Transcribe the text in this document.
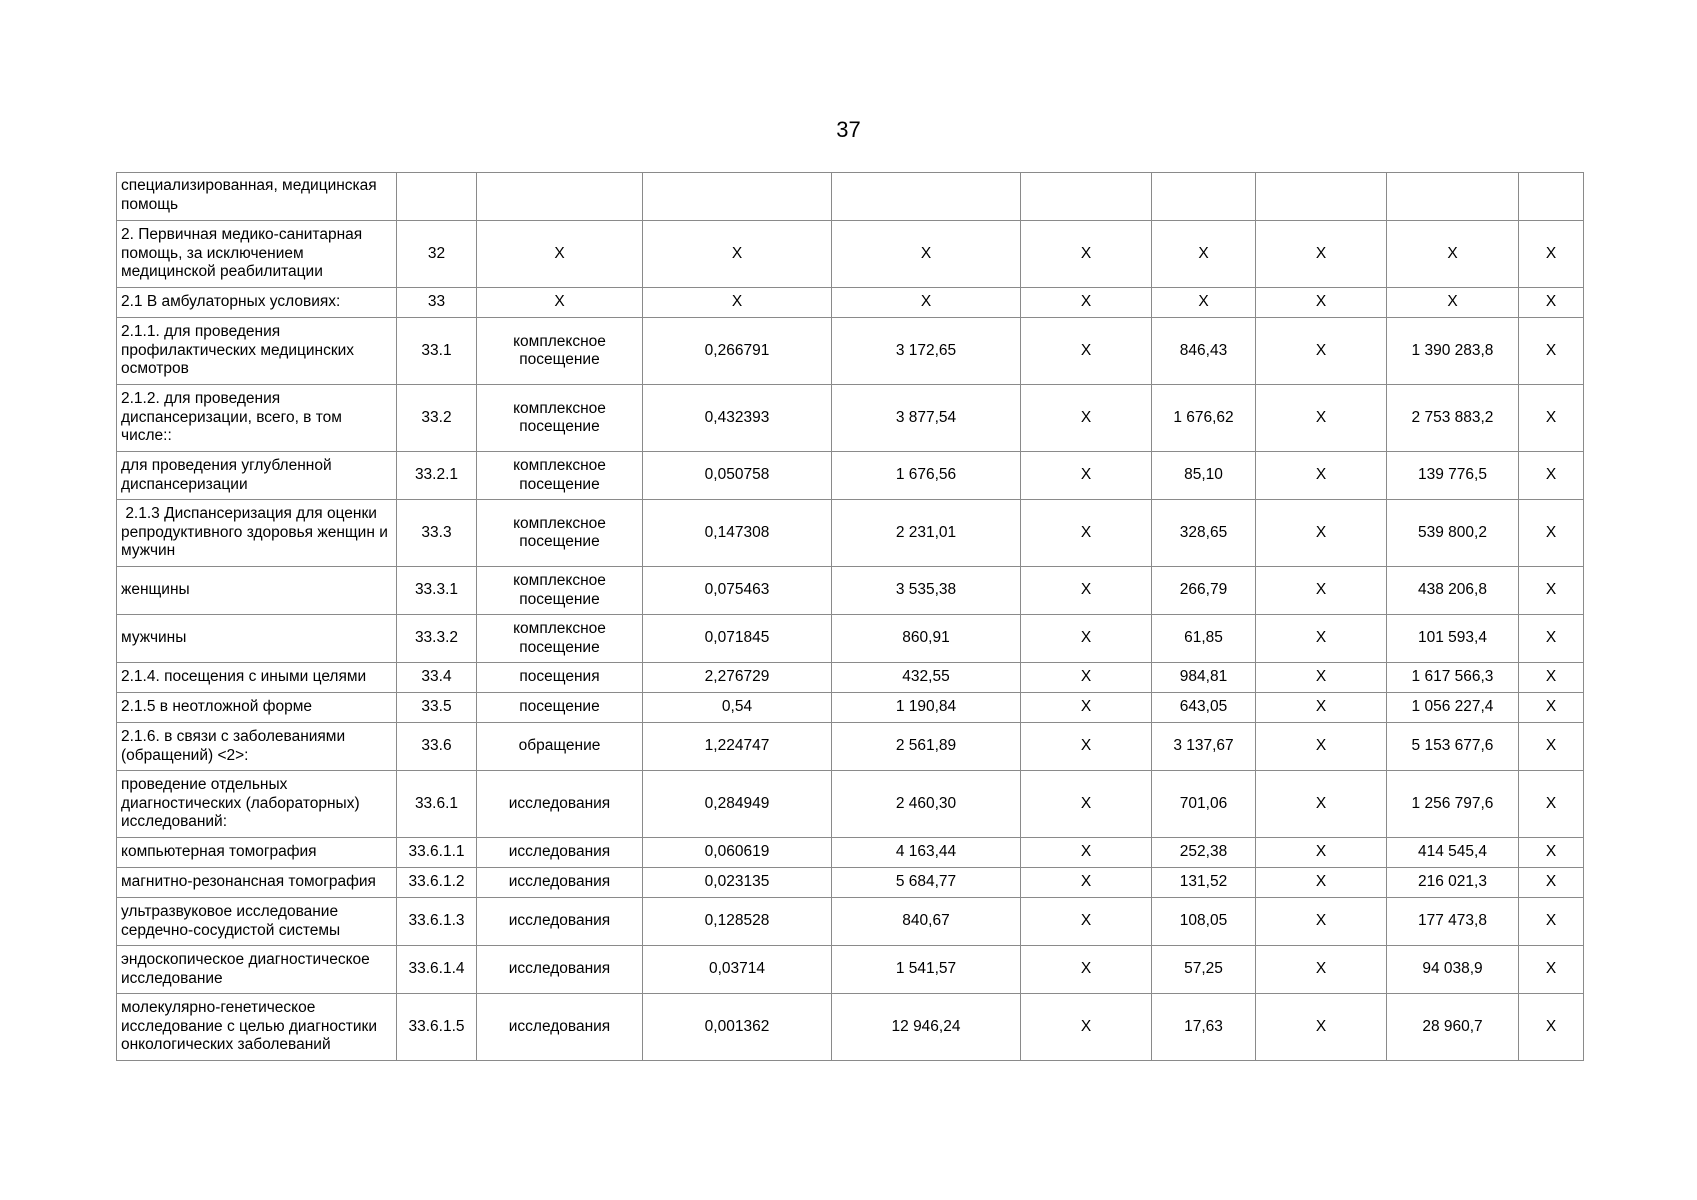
37
специализированная, медицинская помощь									
2. Первичная медико-санитарная помощь, за исключением медицинской реабилитации	32	Х	Х	Х	Х	Х	Х	Х	Х
2.1 В амбулаторных условиях:	33	Х	Х	Х	Х	Х	Х	Х	Х
2.1.1. для проведения профилактических медицинских осмотров	33.1	комплексное посещение	0,266791	3 172,65	Х	846,43	Х	1 390 283,8	Х
2.1.2. для проведения диспансеризации, всего, в том числе::	33.2	комплексное посещение	0,432393	3 877,54	Х	1 676,62	Х	2 753 883,2	Х
для проведения углубленной диспансеризации	33.2.1	комплексное посещение	0,050758	1 676,56	Х	85,10	Х	139 776,5	Х
2.1.3 Диспансеризация для оценки репродуктивного здоровья женщин и мужчин	33.3	комплексное посещение	0,147308	2 231,01	Х	328,65	Х	539 800,2	Х
женщины	33.3.1	комплексное посещение	0,075463	3 535,38	Х	266,79	Х	438 206,8	Х
мужчины	33.3.2	комплексное посещение	0,071845	860,91	Х	61,85	Х	101 593,4	Х
2.1.4. посещения с иными целями	33.4	посещения	2,276729	432,55	Х	984,81	Х	1 617 566,3	Х
2.1.5 в неотложной форме	33.5	посещение	0,54	1 190,84	Х	643,05	Х	1 056 227,4	Х
2.1.6. в связи с заболеваниями (обращений) <2>:	33.6	обращение	1,224747	2 561,89	Х	3 137,67	Х	5 153 677,6	Х
проведение отдельных диагностических (лабораторных) исследований:	33.6.1	исследования	0,284949	2 460,30	Х	701,06	Х	1 256 797,6	Х
компьютерная томография	33.6.1.1	исследования	0,060619	4 163,44	Х	252,38	Х	414 545,4	Х
магнитно-резонансная томография	33.6.1.2	исследования	0,023135	5 684,77	Х	131,52	Х	216 021,3	Х
ультразвуковое исследование сердечно-сосудистой системы	33.6.1.3	исследования	0,128528	840,67	Х	108,05	Х	177 473,8	Х
эндоскопическое диагностическое исследование	33.6.1.4	исследования	0,03714	1 541,57	Х	57,25	Х	94 038,9	Х
молекулярно-генетическое исследование с целью диагностики онкологических заболеваний	33.6.1.5	исследования	0,001362	12 946,24	Х	17,63	Х	28 960,7	Х
